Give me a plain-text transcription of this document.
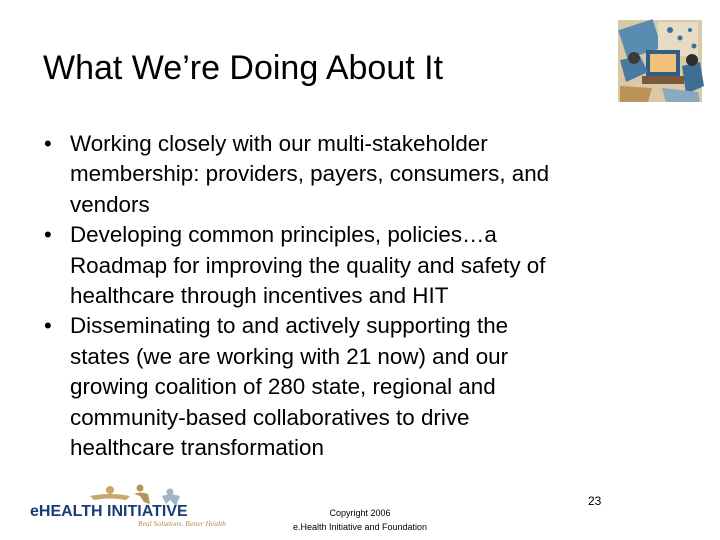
What We’re Doing About It
• Working closely with our multi-stakeholder
membership: providers, payers, consumers, and
vendors
• Developing common principles, policies…a
Roadmap for improving the quality and safety of
healthcare through incentives and HIT
• Disseminating to and actively supporting the
states (we are working with 21 now) and our
growing coalition of 280 state, regional and
community-based collaboratives to drive
healthcare transformation
eHEALTH INITIATIVE
Real Solutions. Better Health
Copyright 2006
e.Health Initiative and Foundation
23
